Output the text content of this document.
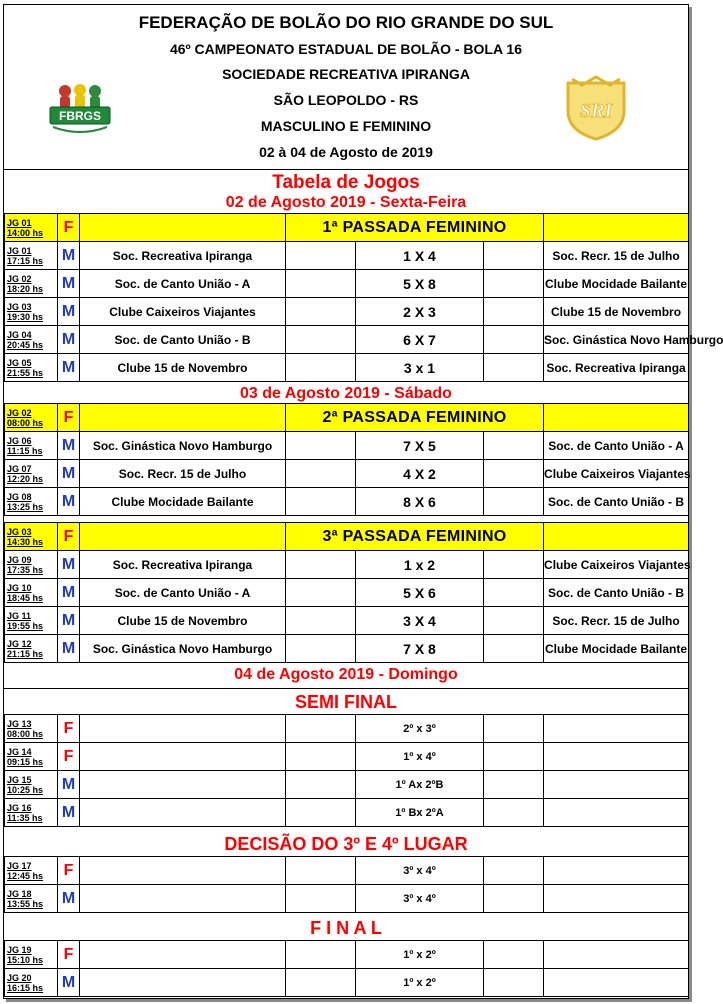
FEDERAÇÃO DE BOLÃO DO RIO GRANDE DO SUL
46º CAMPEONATO ESTADUAL DE BOLÃO - BOLA 16
SOCIEDADE RECREATIVA IPIRANGA
SÃO LEOPOLDO - RS
MASCULINO E FEMININO
02 à 04 de Agosto de 2019
FBRGS	SRI
Tabela de Jogos
02 de Agosto 2019 - Sexta-Feira
JG 01
14:00 hs	F		1ª PASSADA FEMININO			

JG 01
17:15 hs	M	Soc. Recreativa Ipiranga		1 X 4		Soc. Recr. 15 de Julho

JG 02
18:20 hs	M	Soc. de Canto União - A		5 X 8		Clube Mocidade Bailante

JG 03
19:30 hs	M	Clube Caixeiros Viajantes		2 X 3		Clube 15 de Novembro

JG 04
20:45 hs	M	Soc. de Canto União - B		6 X 7		Soc. Ginástica Novo Hamburgo

JG 05
21:55 hs	M	Clube 15 de Novembro		3 x 1		Soc. Recreativa Ipiranga
03 de Agosto 2019 - Sábado
JG 02
08:00 hs	F		2ª PASSADA FEMININO			

JG 06
11:15 hs	M	Soc. Ginástica Novo Hamburgo		7 X 5		Soc. de Canto União - A

JG 07
12:20 hs	M	Soc. Recr. 15 de Julho		4 X 2		Clube Caixeiros Viajantes

JG 08
13:25 hs	M	Clube Mocidade Bailante		8 X 6		Soc. de Canto União - B
JG 03
14:30 hs	F		3ª PASSADA FEMININO			

JG 09
17:35 hs	M	Soc. Recreativa Ipiranga		1 x 2		Clube Caixeiros Viajantes

JG 10
18:45 hs	M	Soc. de Canto União - A		5 X 6		Soc. de Canto União - B

JG 11
19:55 hs	M	Clube 15 de Novembro		3 X 4		Soc. Recr. 15 de Julho

JG 12
21:15 hs	M	Soc. Ginástica Novo Hamburgo		7 X 8		Clube Mocidade Bailante
04 de Agosto 2019 - Domingo
SEMI FINAL
JG 13
08:00 hs	F			2º x 3º		

JG 14
09:15 hs	F			1º x 4º		

JG 15
10:25 hs	M			1º Ax 2ºB		

JG 16
11:35 hs	M			1º Bx 2ºA		
DECISÃO DO 3º E 4º LUGAR
JG 17
12:45 hs	F			3º x 4º		

JG 18
13:55 hs	M			3º x 4º		
F I N A L
JG 19
15:10 hs	F			1º x 2º		

JG 20
16:15 hs	M			1º x 2º		
